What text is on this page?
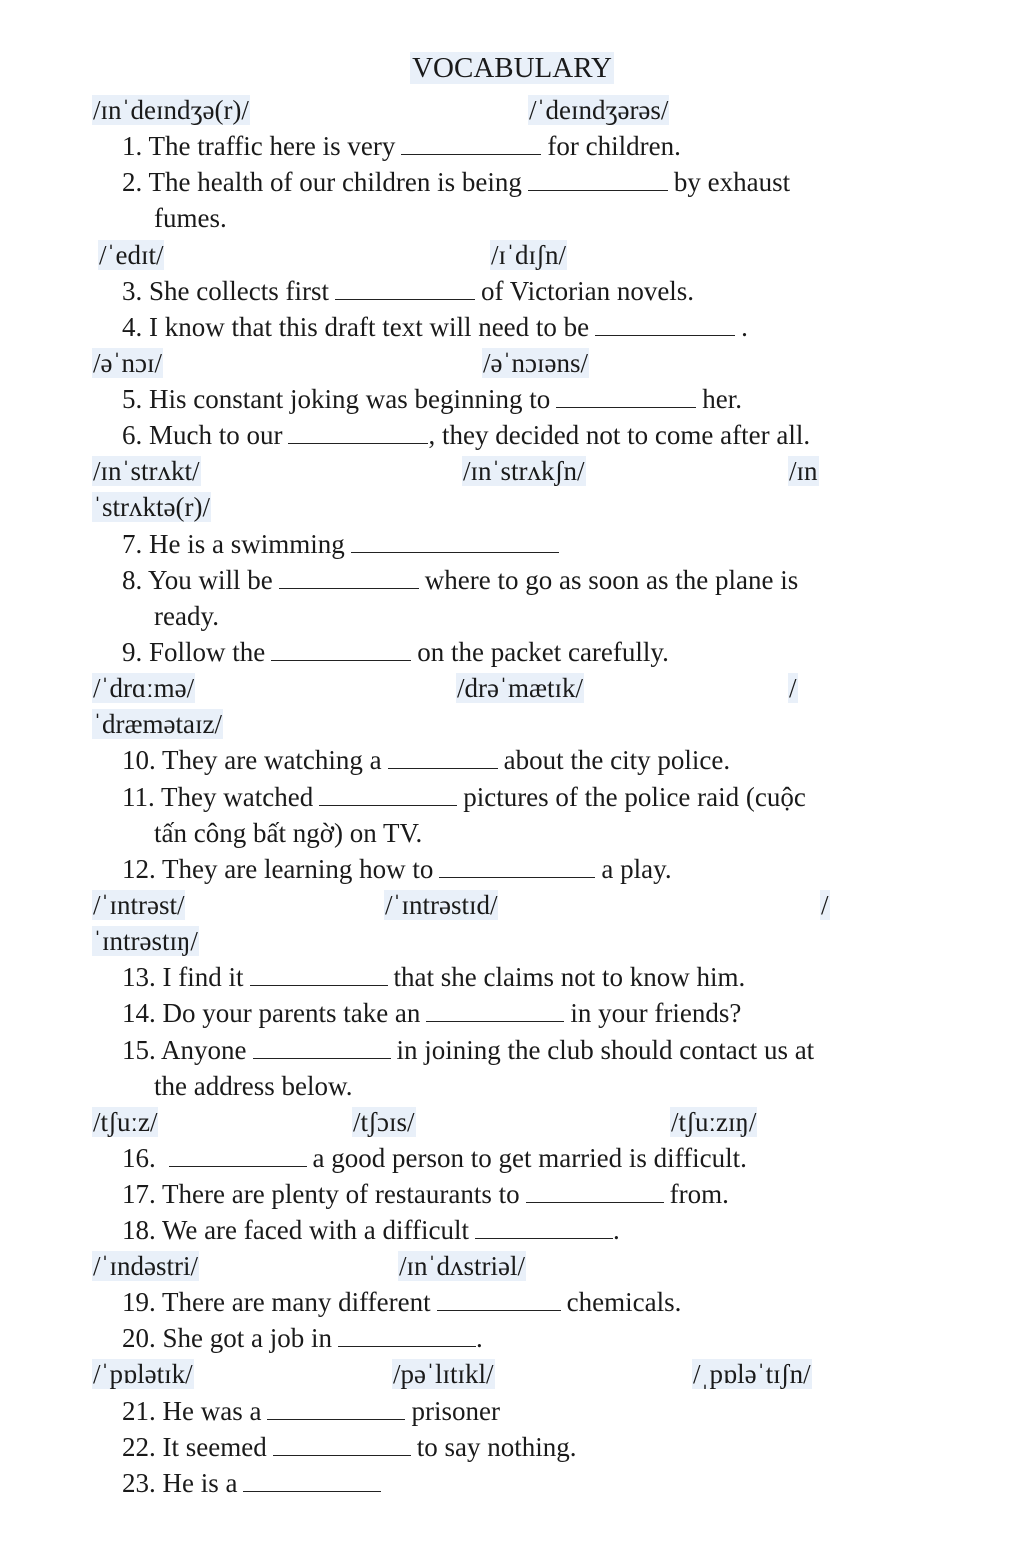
VOCABULARY
/ɪnˈdeɪndʒə(r)/	/ˈdeɪndʒərəs/
1. The traffic here is very	for children.
2. The health of our children is being	by exhaust
fumes.
/ˈedɪt/	/ɪˈdɪʃn/
3. She collects first	of Victorian novels.
4. I know that this draft text will need to be	.
/əˈnɔɪ/	/əˈnɔɪəns/
5. His constant joking was beginning to	her.
6. Much to our	, they decided not to come after all.
/ɪnˈstrʌkt/	/ɪnˈstrʌkʃn/	/ɪn
ˈstrʌktə(r)/
7. He is a swimming
8. You will be	where to go as soon as the plane is
ready.
9. Follow the	on the packet carefully.
/ˈdrɑːmə/	/drəˈmætɪk/	/
ˈdræmətaɪz/
10. They are watching a	about the city police.
11. They watched	pictures of the police raid (cuộc
tấn công bất ngờ) on TV.
12. They are learning how to	a play.
/ˈɪntrəst/	/ˈɪntrəstɪd/	/
ˈɪntrəstɪŋ/
13. I find it	that she claims not to know him.
14. Do your parents take an	in your friends?
15. Anyone	in joining the club should contact us at
the address below.
/tʃuːz/	/tʃɔɪs/	/tʃuːzɪŋ/
16.	a good person to get married is difficult.
17. There are plenty of restaurants to	from.
18. We are faced with a difficult	.
/ˈɪndəstri/	/ɪnˈdʌstriəl/
19. There are many different	chemicals.
20. She got a job in	.
/ˈpɒlətɪk/	/pəˈlɪtɪkl/	/ˌpɒləˈtɪʃn/
21. He was a	prisoner
22. It seemed	to say nothing.
23. He is a
